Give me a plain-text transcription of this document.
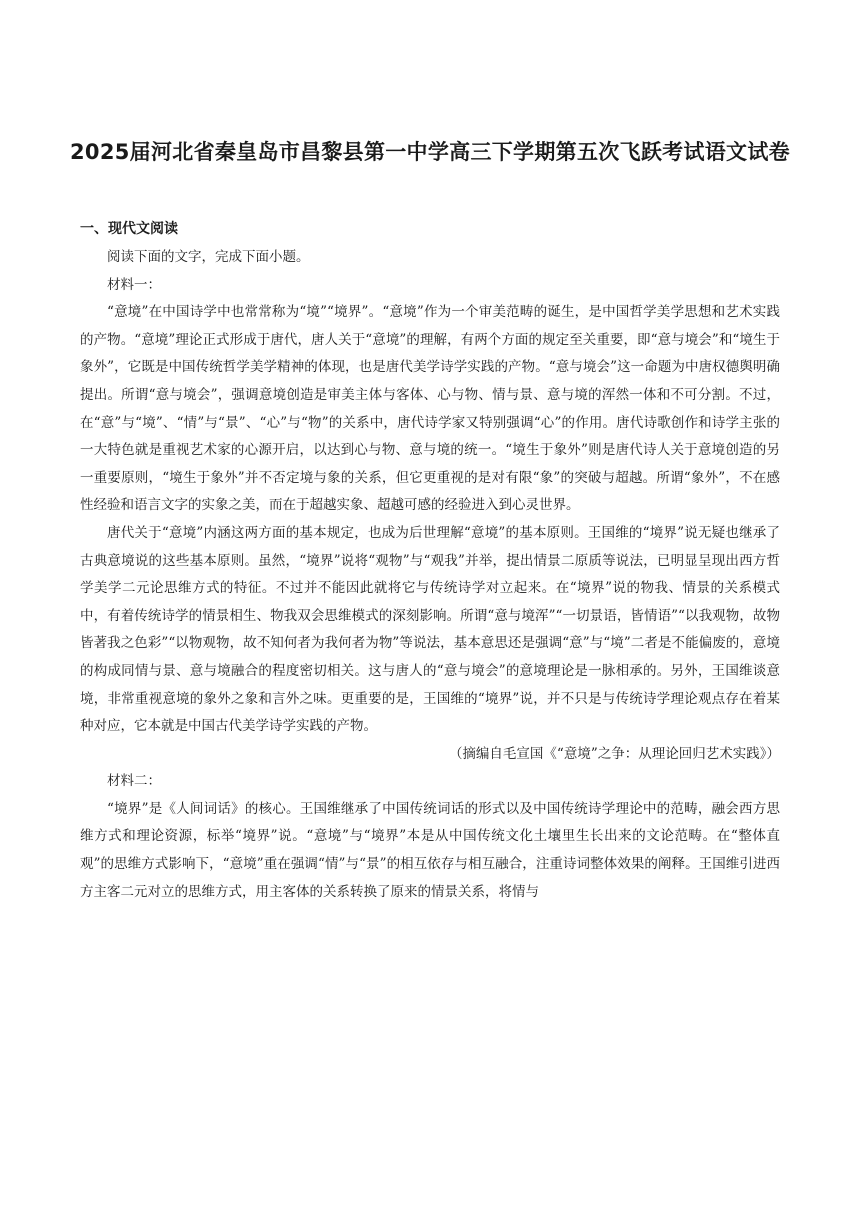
2025届河北省秦皇岛市昌黎县第一中学高三下学期第五次飞跃考试语文试卷
一、现代文阅读

阅读下面的文字，完成下面小题。

材料一：

“意境”在中国诗学中也常常称为“境”“境界”。“意境”作为一个审美范畴的诞生，是中国哲学美学思想和艺术实践的产物。“意境”理论正式形成于唐代，唐人关于“意境”的理解，有两个方面的规定至关重要，即“意与境会”和“境生于象外”，它既是中国传统哲学美学精神的体现，也是唐代美学诗学实践的产物。“意与境会”这一命题为中唐权德舆明确提出。所谓“意与境会”，强调意境创造是审美主体与客体、心与物、情与景、意与境的浑然一体和不可分割。不过，在“意”与“境”、“情”与“景”、“心”与“物”的关系中，唐代诗学家又特别强调“心”的作用。唐代诗歌创作和诗学主张的一大特色就是重视艺术家的心源开启，以达到心与物、意与境的统一。“境生于象外”则是唐代诗人关于意境创造的另一重要原则，“境生于象外”并不否定境与象的关系，但它更重视的是对有限“象”的突破与超越。所谓“象外”，不在感性经验和语言文字的实象之美，而在于超越实象、超越可感的经验进入到心灵世界。

唐代关于“意境”内涵这两方面的基本规定，也成为后世理解“意境”的基本原则。王国维的“境界”说无疑也继承了古典意境说的这些基本原则。虽然，“境界”说将“观物”与“观我”并举，提出情景二原质等说法，已明显呈现出西方哲学美学二元论思维方式的特征。不过并不能因此就将它与传统诗学对立起来。在“境界”说的物我、情景的关系模式中，有着传统诗学的情景相生、物我双会思维模式的深刻影响。所谓“意与境浑”“一切景语，皆情语”“以我观物，故物皆著我之色彩”“以物观物，故不知何者为我何者为物”等说法，基本意思还是强调“意”与“境”二者是不能偏废的，意境的构成同情与景、意与境融合的程度密切相关。这与唐人的“意与境会”的意境理论是一脉相承的。另外，王国维谈意境，非常重视意境的象外之象和言外之味。更重要的是，王国维的“境界”说，并不只是与传统诗学理论观点存在着某种对应，它本就是中国古代美学诗学实践的产物。

（摘编自毛宣国《“意境”之争：从理论回归艺术实践》）

材料二：

“境界”是《人间词话》的核心。王国维继承了中国传统词话的形式以及中国传统诗学理论中的范畴，融会西方思维方式和理论资源，标举“境界”说。“意境”与“境界”本是从中国传统文化土壤里生长出来的文论范畴。在“整体直观”的思维方式影响下，“意境”重在强调“情”与“景”的相互依存与相互融合，注重诗词整体效果的阐释。王国维引进西方主客二元对立的思维方式，用主客体的关系转换了原来的情景关系，将情与
